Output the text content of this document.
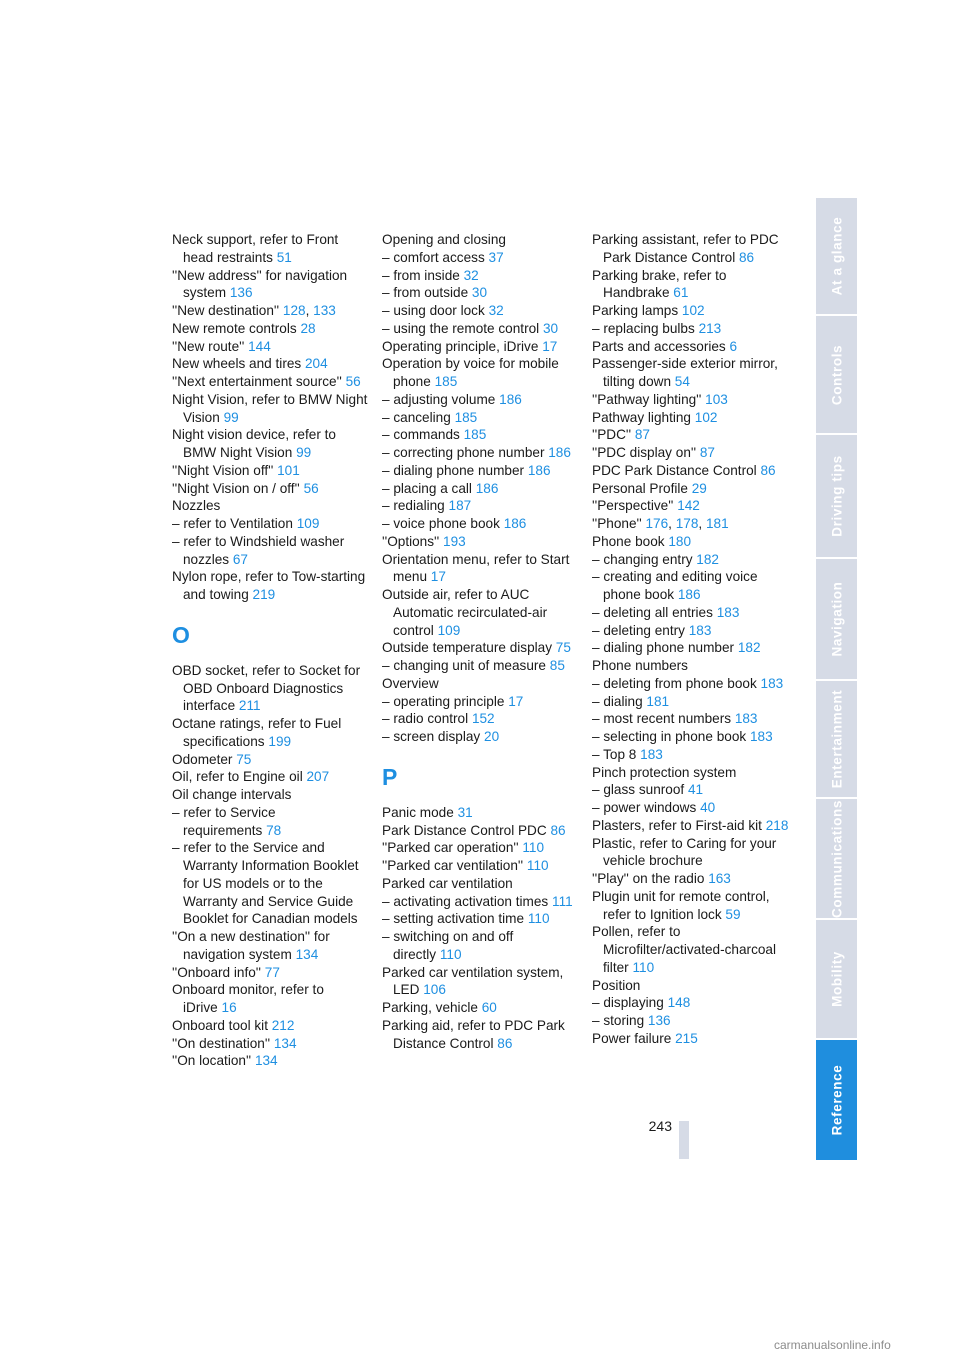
Neck support, refer to Front head restraints 51
''New address'' for navigation system 136
''New destination'' 128, 133
New remote controls 28
''New route'' 144
New wheels and tires 204
''Next entertainment source'' 56
Night Vision, refer to BMW Night Vision 99
Night vision device, refer to BMW Night Vision 99
''Night Vision off'' 101
''Night Vision on / off'' 56
Nozzles
– refer to Ventilation 109
– refer to Windshield washer nozzles 67
Nylon rope, refer to Tow-starting and towing 219
O
OBD socket, refer to Socket for OBD Onboard Diagnostics interface 211
Octane ratings, refer to Fuel specifications 199
Odometer 75
Oil, refer to Engine oil 207
Oil change intervals
– refer to Service requirements 78
– refer to the Service and Warranty Information Booklet for US models or to the Warranty and Service Guide Booklet for Canadian models
''On a new destination'' for navigation system 134
''Onboard info'' 77
Onboard monitor, refer to iDrive 16
Onboard tool kit 212
''On destination'' 134
''On location'' 134
Opening and closing
– comfort access 37
– from inside 32
– from outside 30
– using door lock 32
– using the remote control 30
Operating principle, iDrive 17
Operation by voice for mobile phone 185
– adjusting volume 186
– canceling 185
– commands 185
– correcting phone number 186
– dialing phone number 186
– placing a call 186
– redialing 187
– voice phone book 186
''Options'' 193
Orientation menu, refer to Start menu 17
Outside air, refer to AUC Automatic recirculated-air control 109
Outside temperature display 75
– changing unit of measure 85
Overview
– operating principle 17
– radio control 152
– screen display 20
P
Panic mode 31
Park Distance Control PDC 86
''Parked car operation'' 110
''Parked car ventilation'' 110
Parked car ventilation
– activating activation times 111
– setting activation time 110
– switching on and off directly 110
Parked car ventilation system, LED 106
Parking, vehicle 60
Parking aid, refer to PDC Park Distance Control 86
Parking assistant, refer to PDC Park Distance Control 86
Parking brake, refer to Handbrake 61
Parking lamps 102
– replacing bulbs 213
Parts and accessories 6
Passenger-side exterior mirror, tilting down 54
''Pathway lighting'' 103
Pathway lighting 102
''PDC'' 87
''PDC display on'' 87
PDC Park Distance Control 86
Personal Profile 29
''Perspective'' 142
''Phone'' 176, 178, 181
Phone book 180
– changing entry 182
– creating and editing voice phone book 186
– deleting all entries 183
– deleting entry 183
– dialing phone number 182
Phone numbers
– deleting from phone book 183
– dialing 181
– most recent numbers 183
– selecting in phone book 183
– Top 8 183
Pinch protection system
– glass sunroof 41
– power windows 40
Plasters, refer to First-aid kit 218
Plastic, refer to Caring for your vehicle brochure
''Play'' on the radio 163
Plugin unit for remote control, refer to Ignition lock 59
Pollen, refer to Microfilter/activated-charcoal filter 110
Position
– displaying 148
– storing 136
Power failure 215
At a glance
Controls
Driving tips
Navigation
Entertainment
Communications
Mobility
Reference
243
carmanualsonline.info
